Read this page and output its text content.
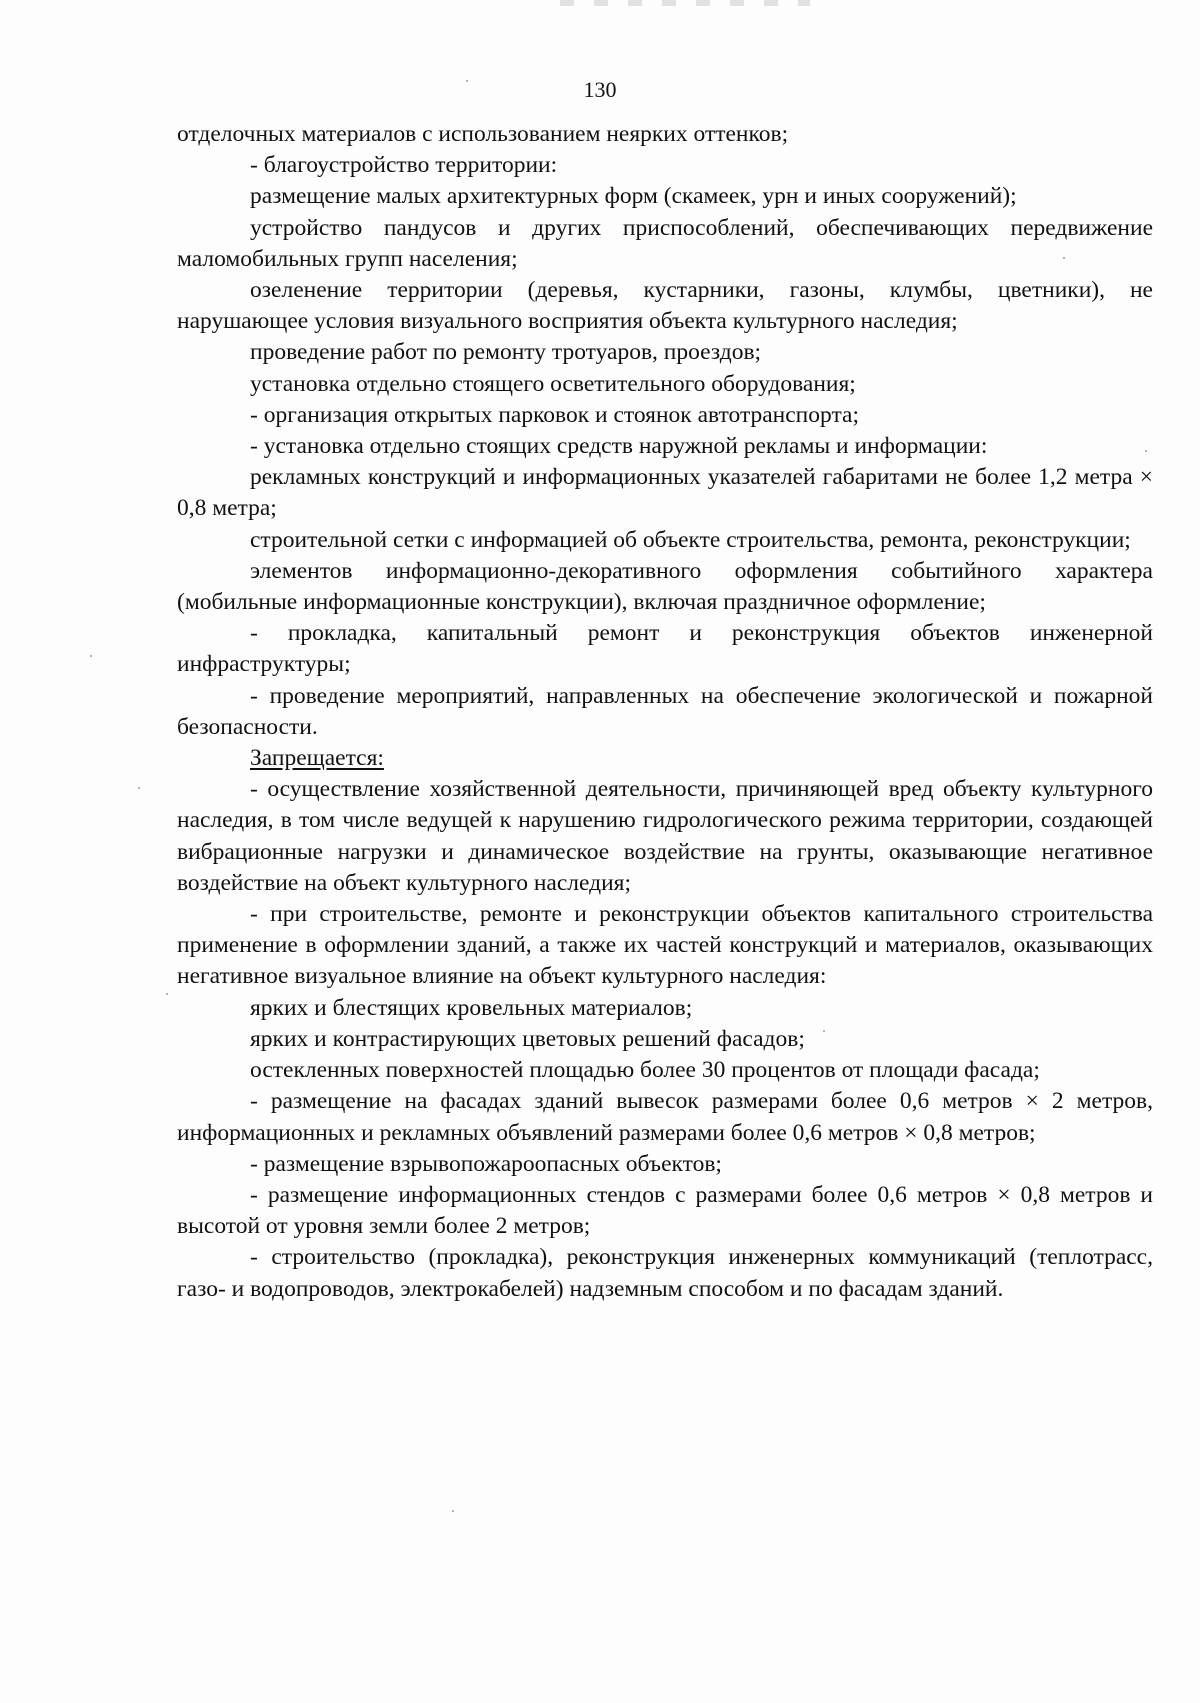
130

отделочных материалов с использованием неярких оттенков;

- благоустройство территории:

размещение малых архитектурных форм (скамеек, урн и иных сооружений);

устройство пандусов и других приспособлений, обеспечивающих передвижение маломобильных групп населения;

озеленение территории (деревья, кустарники, газоны, клумбы, цветники), не нарушающее условия визуального восприятия объекта культурного наследия;

проведение работ по ремонту тротуаров, проездов;

установка отдельно стоящего осветительного оборудования;

- организация открытых парковок и стоянок автотранспорта;

- установка отдельно стоящих средств наружной рекламы и информации:

рекламных конструкций и информационных указателей габаритами не более 1,2 метра × 0,8 метра;

строительной сетки с информацией об объекте строительства, ремонта, реконструкции;

элементов информационно-декоративного оформления событийного характера (мобильные информационные конструкции), включая праздничное оформление;

- прокладка, капитальный ремонт и реконструкция объектов инженерной инфраструктуры;

- проведение мероприятий, направленных на обеспечение экологической и пожарной безопасности.

Запрещается:

- осуществление хозяйственной деятельности, причиняющей вред объекту культурного наследия, в том числе ведущей к нарушению гидрологического режима территории, создающей вибрационные нагрузки и динамическое воздействие на грунты, оказывающие негативное воздействие на объект культурного наследия;

- при строительстве, ремонте и реконструкции объектов капитального строительства применение в оформлении зданий, а также их частей конструкций и материалов, оказывающих негативное визуальное влияние на объект культурного наследия:

ярких и блестящих кровельных материалов;

ярких и контрастирующих цветовых решений фасадов;

остекленных поверхностей площадью более 30 процентов от площади фасада;

- размещение на фасадах зданий вывесок размерами более 0,6 метров × 2 метров, информационных и рекламных объявлений размерами более 0,6 метров × 0,8 метров;

- размещение взрывопожароопасных объектов;

- размещение информационных стендов с размерами более 0,6 метров × 0,8 метров и высотой от уровня земли более 2 метров;

- строительство (прокладка), реконструкция инженерных коммуникаций (теплотрасс, газо- и водопроводов, электрокабелей) надземным способом и по фасадам зданий.
